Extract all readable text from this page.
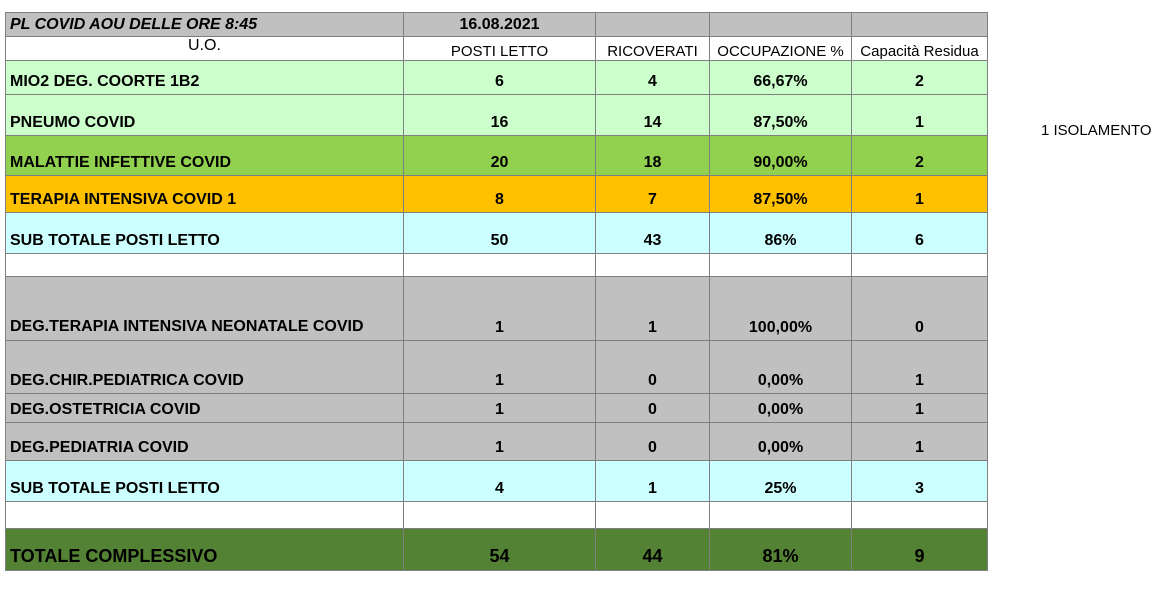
PL COVID AOU DELLE ORE 8:45	16.08.2021			
U.O.	POSTI LETTO	RICOVERATI	OCCUPAZIONE %	Capacità Residua
MIO2 DEG. COORTE 1B2	6	4	66,67%	2
PNEUMO COVID	16	14	87,50%	1
MALATTIE INFETTIVE COVID	20	18	90,00%	2
TERAPIA INTENSIVA COVID 1	8	7	87,50%	1
SUB TOTALE POSTI LETTO	50	43	86%	6

DEG.TERAPIA INTENSIVA NEONATALE COVID	1	1	100,00%	0
DEG.CHIR.PEDIATRICA COVID	1	0	0,00%	1
DEG.OSTETRICIA COVID	1	0	0,00%	1
DEG.PEDIATRIA COVID	1	0	0,00%	1
SUB TOTALE POSTI LETTO	4	1	25%	3

TOTALE COMPLESSIVO	54	44	81%	9
1 ISOLAMENTO
